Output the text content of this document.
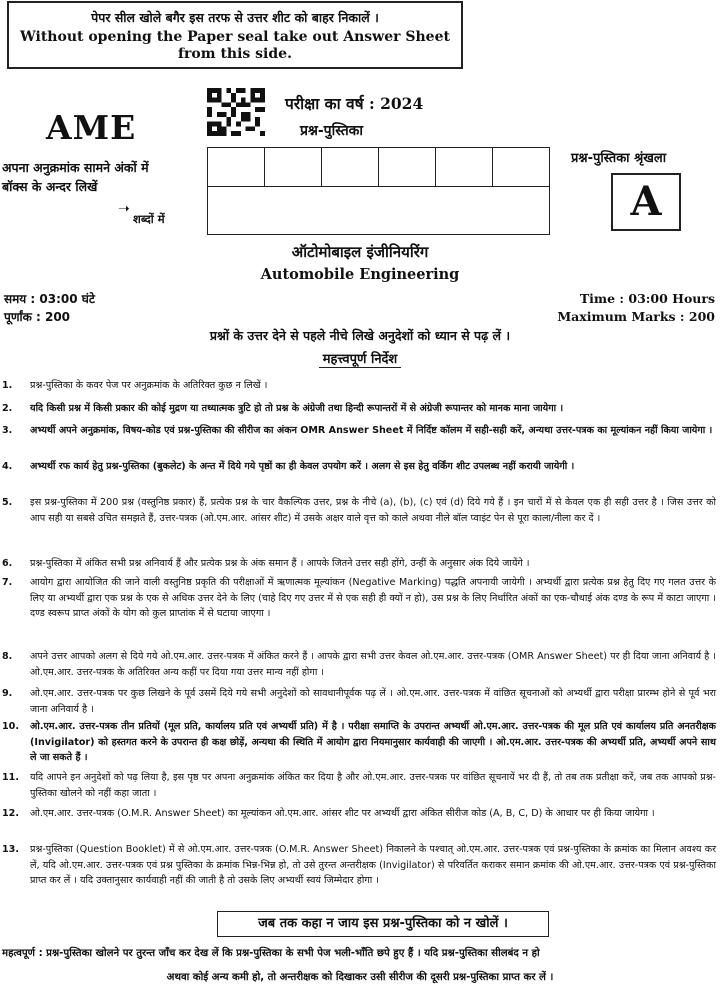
पेपर सील खोले बगैर इस तरफ से उत्तर शीट को बाहर निकालें ।
Without opening the Paper seal take out Answer Sheet
from this side.
AME
परीक्षा का वर्ष : 2024
प्रश्न-पुस्तिका
अपना अनुक्रमांक सामने अंकों में
बॉक्स के अन्दर लिखें
➝
शब्दों में
प्रश्न-पुस्तिका श्रृंखला
A
ऑटोमोबाइल इंजीनियरिंग
Automobile Engineering
समय : 03:00 घंटे
पूर्णांक : 200
Time : 03:00 Hours
Maximum Marks : 200
प्रश्नों के उत्तर देने से पहले नीचे लिखे अनुदेशों को ध्यान से पढ़ लें ।
महत्त्वपूर्ण निर्देश
1.	प्रश्न-पुस्तिका के कवर पेज पर अनुक्रमांक के अतिरिक्त कुछ न लिखें ।
2.	यदि किसी प्रश्न में किसी प्रकार की कोई मुद्रण या तथ्यात्मक त्रुटि हो तो प्रश्न के अंग्रेजी तथा हिन्दी रूपान्तरों में से अंग्रेजी रूपान्तर को मानक माना जायेगा ।
3.	अभ्यर्थी अपने अनुक्रमांक, विषय-कोड एवं प्रश्न-पुस्तिका की सीरीज का अंकन OMR Answer Sheet में निर्दिष्ट कॉलम में सही-सही करें, अन्यथा उत्तर-पत्रक का मूल्यांकन नहीं किया जायेगा ।
4.	अभ्यर्थी रफ कार्य हेतु प्रश्न-पुस्तिका (बुकलेट) के अन्त में दिये गये पृष्ठों का ही केवल उपयोग करें । अलग से इस हेतु वर्किंग शीट उपलब्ध नहीं करायी जायेगी ।
5.	इस प्रश्न-पुस्तिका में 200 प्रश्न (वस्तुनिष्ठ प्रकार) हैं, प्रत्येक प्रश्न के चार वैकल्पिक उत्तर, प्रश्न के नीचे (a), (b), (c) एवं (d) दिये गये हैं । इन चारों में से केवल एक ही सही उत्तर है । जिस उत्तर को आप सही या सबसे उचित समझते हैं, उत्तर-पत्रक (ओ.एम.आर. आंसर शीट) में उसके अक्षर वाले वृत्त को काले अथवा नीले बॉल प्वाइंट पेन से पूरा काला/नीला कर दें ।
6.	प्रश्न-पुस्तिका में अंकित सभी प्रश्न अनिवार्य हैं और प्रत्येक प्रश्न के अंक समान हैं । आपके जितने उत्तर सही होंगे, उन्हीं के अनुसार अंक दिये जायेंगे ।
7.	आयोग द्वारा आयोजित की जाने वाली वस्तुनिष्ठ प्रकृति की परीक्षाओं में ऋणात्मक मूल्यांकन (Negative Marking) पद्धति अपनायी जायेगी । अभ्यर्थी द्वारा प्रत्येक प्रश्न हेतु दिए गए गलत उत्तर के लिए या अभ्यर्थी द्वारा एक प्रश्न के एक से अधिक उत्तर देने के लिए (चाहे दिए गए उत्तर में से एक सही ही क्यों न हो), उस प्रश्न के लिए निर्धारित अंकों का एक-चौथाई अंक दण्ड के रूप में काटा जाएगा । दण्ड स्वरूप प्राप्त अंकों के योग को कुल प्राप्तांक में से घटाया जाएगा ।
8.	अपने उत्तर आपको अलग से दिये गये ओ.एम.आर. उत्तर-पत्रक में अंकित करने हैं । आपके द्वारा सभी उत्तर केवल ओ.एम.आर. उत्तर-पत्रक (OMR Answer Sheet) पर ही दिया जाना अनिवार्य है । ओ.एम.आर. उत्तर-पत्रक के अतिरिक्त अन्य कहीं पर दिया गया उत्तर मान्य नहीं होगा ।
9.	ओ.एम.आर. उत्तर-पत्रक पर कुछ लिखने के पूर्व उसमें दिये गये सभी अनुदेशों को सावधानीपूर्वक पढ़ लें । ओ.एम.आर. उत्तर-पत्रक में वांछित सूचनाओं को अभ्यर्थी द्वारा परीक्षा प्रारम्भ होने से पूर्व भरा जाना अनिवार्य है ।
10.	ओ.एम.आर. उत्तर-पत्रक तीन प्रतियों (मूल प्रति, कार्यालय प्रति एवं अभ्यर्थी प्रति) में है । परीक्षा समाप्ति के उपरान्त अभ्यर्थी ओ.एम.आर. उत्तर-पत्रक की मूल प्रति एवं कार्यालय प्रति अनतरीक्षक (Invigilator) को हस्तगत करने के उपरान्त ही कक्ष छोड़ें, अन्यथा की स्थिति में आयोग द्वारा नियमानुसार कार्यवाही की जाएगी । ओ.एम.आर. उत्तर-पत्रक की अभ्यर्थी प्रति, अभ्यर्थी अपने साथ ले जा सकते हैं ।
11.	यदि आपने इन अनुदेशों को पढ़ लिया है, इस पृष्ठ पर अपना अनुक्रमांक अंकित कर दिया है और ओ.एम.आर. उत्तर-पत्रक पर वांछित सूचनायें भर दी हैं, तो तब तक प्रतीक्षा करें, जब तक आपको प्रश्न-पुस्तिका खोलने को नहीं कहा जाता ।
12.	ओ.एम.आर. उत्तर-पत्रक (O.M.R. Answer Sheet) का मूल्यांकन ओ.एम.आर. आंसर शीट पर अभ्यर्थी द्वारा अंकित सीरीज कोड (A, B, C, D) के आधार पर ही किया जायेगा ।
13.	प्रश्न-पुस्तिका (Question Booklet) में से ओ.एम.आर. उत्तर-पत्रक (O.M.R. Answer Sheet) निकालने के पश्चात् ओ.एम.आर. उत्तर-पत्रक एवं प्रश्न-पुस्तिका के क्रमांक का मिलान अवश्य कर लें, यदि ओ.एम.आर. उत्तर-पत्रक एवं प्रश्न पुस्तिका के क्रमांक भिन्न-भिन्न हो, तो उसे तुरन्त अन्तरीक्षक (Invigilator) से परिवर्तित कराकर समान क्रमांक की ओ.एम.आर. उत्तर-पत्रक एवं प्रश्न-पुस्तिका प्राप्त कर लें । यदि उक्तानुसार कार्यवाही नहीं की जाती है तो उसके लिए अभ्यर्थी स्वयं जिम्मेदार होगा ।
जब तक कहा न जाय इस प्रश्न-पुस्तिका को न खोलें ।
महत्वपूर्ण : प्रश्न-पुस्तिका खोलने पर तुरन्त जाँच कर देख लें कि प्रश्न-पुस्तिका के सभी पेज भली-भाँति छपे हुए हैं । यदि प्रश्न-पुस्तिका सीलबंद न हो
अथवा कोई अन्य कमी हो, तो अन्तरीक्षक को दिखाकर उसी सीरीज की दूसरी प्रश्न-पुस्तिका प्राप्त कर लें ।
